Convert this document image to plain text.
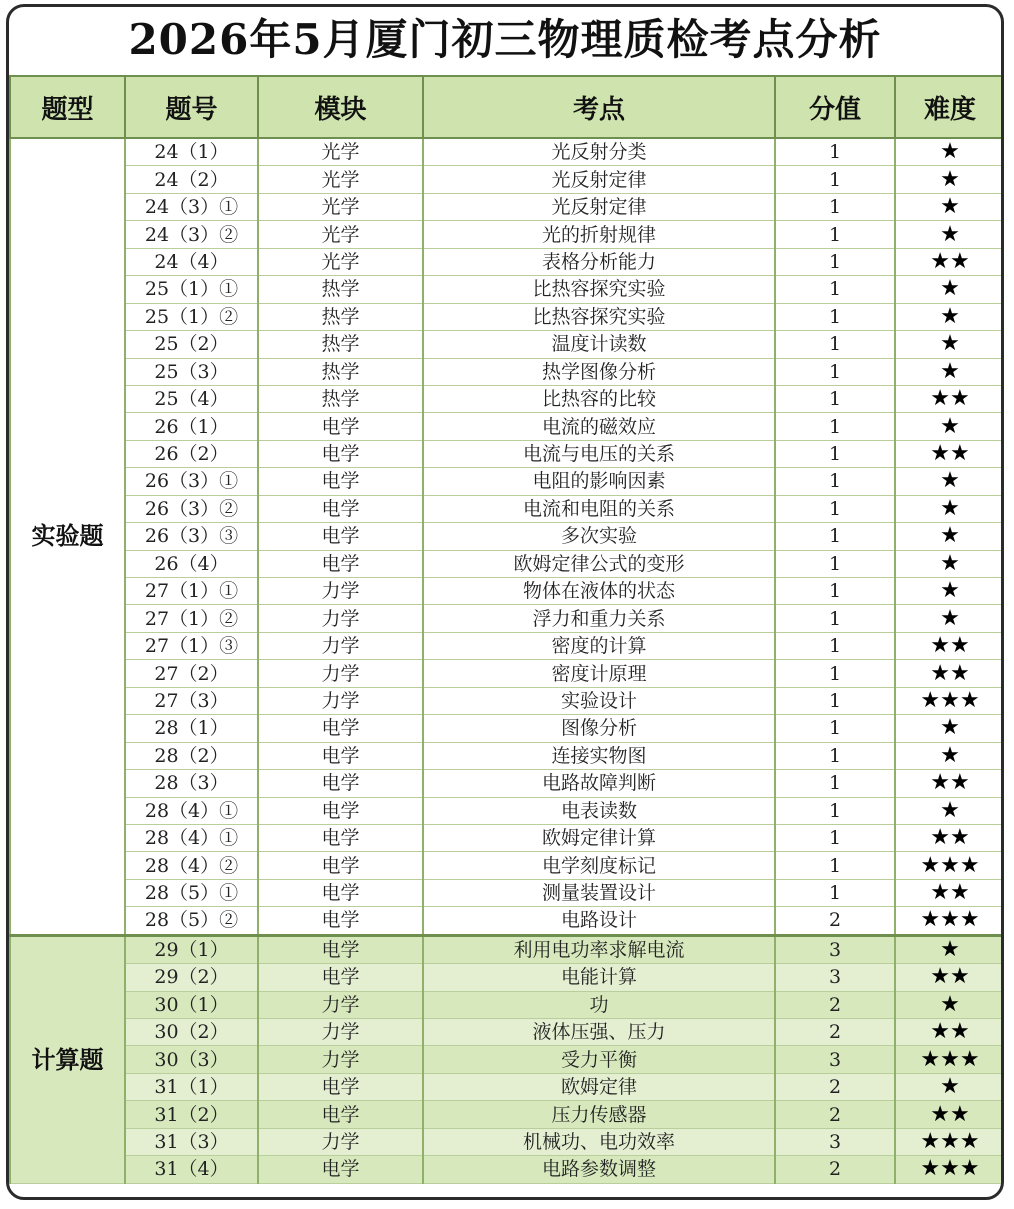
2026年5月厦门初三物理质检考点分析
题型	题号	模块	考点	分值	难度
实验题	24（1）	光学	光反射分类	1	★
	24（2）	光学	光反射定律	1	★
	24（3）①	光学	光反射定律	1	★
	24（3）②	光学	光的折射规律	1	★
	24（4）	光学	表格分析能力	1	★★
	25（1）①	热学	比热容探究实验	1	★
	25（1）②	热学	比热容探究实验	1	★
	25（2）	热学	温度计读数	1	★
	25（3）	热学	热学图像分析	1	★
	25（4）	热学	比热容的比较	1	★★
	26（1）	电学	电流的磁效应	1	★
	26（2）	电学	电流与电压的关系	1	★★
	26（3）①	电学	电阻的影响因素	1	★
	26（3）②	电学	电流和电阻的关系	1	★
	26（3）③	电学	多次实验	1	★
	26（4）	电学	欧姆定律公式的变形	1	★
	27（1）①	力学	物体在液体的状态	1	★
	27（1）②	力学	浮力和重力关系	1	★
	27（1）③	力学	密度的计算	1	★★
	27（2）	力学	密度计原理	1	★★
	27（3）	力学	实验设计	1	★★★
	28（1）	电学	图像分析	1	★
	28（2）	电学	连接实物图	1	★
	28（3）	电学	电路故障判断	1	★★
	28（4）①	电学	电表读数	1	★
	28（4）①	电学	欧姆定律计算	1	★★
	28（4）②	电学	电学刻度标记	1	★★★
	28（5）①	电学	测量装置设计	1	★★
	28（5）②	电学	电路设计	2	★★★
计算题	29（1）	电学	利用电功率求解电流	3	★
	29（2）	电学	电能计算	3	★★
	30（1）	力学	功	2	★
	30（2）	力学	液体压强、压力	2	★★
	30（3）	力学	受力平衡	3	★★★
	31（1）	电学	欧姆定律	2	★
	31（2）	电学	压力传感器	2	★★
	31（3）	力学	机械功、电功效率	3	★★★
	31（4）	电学	电路参数调整	2	★★★
